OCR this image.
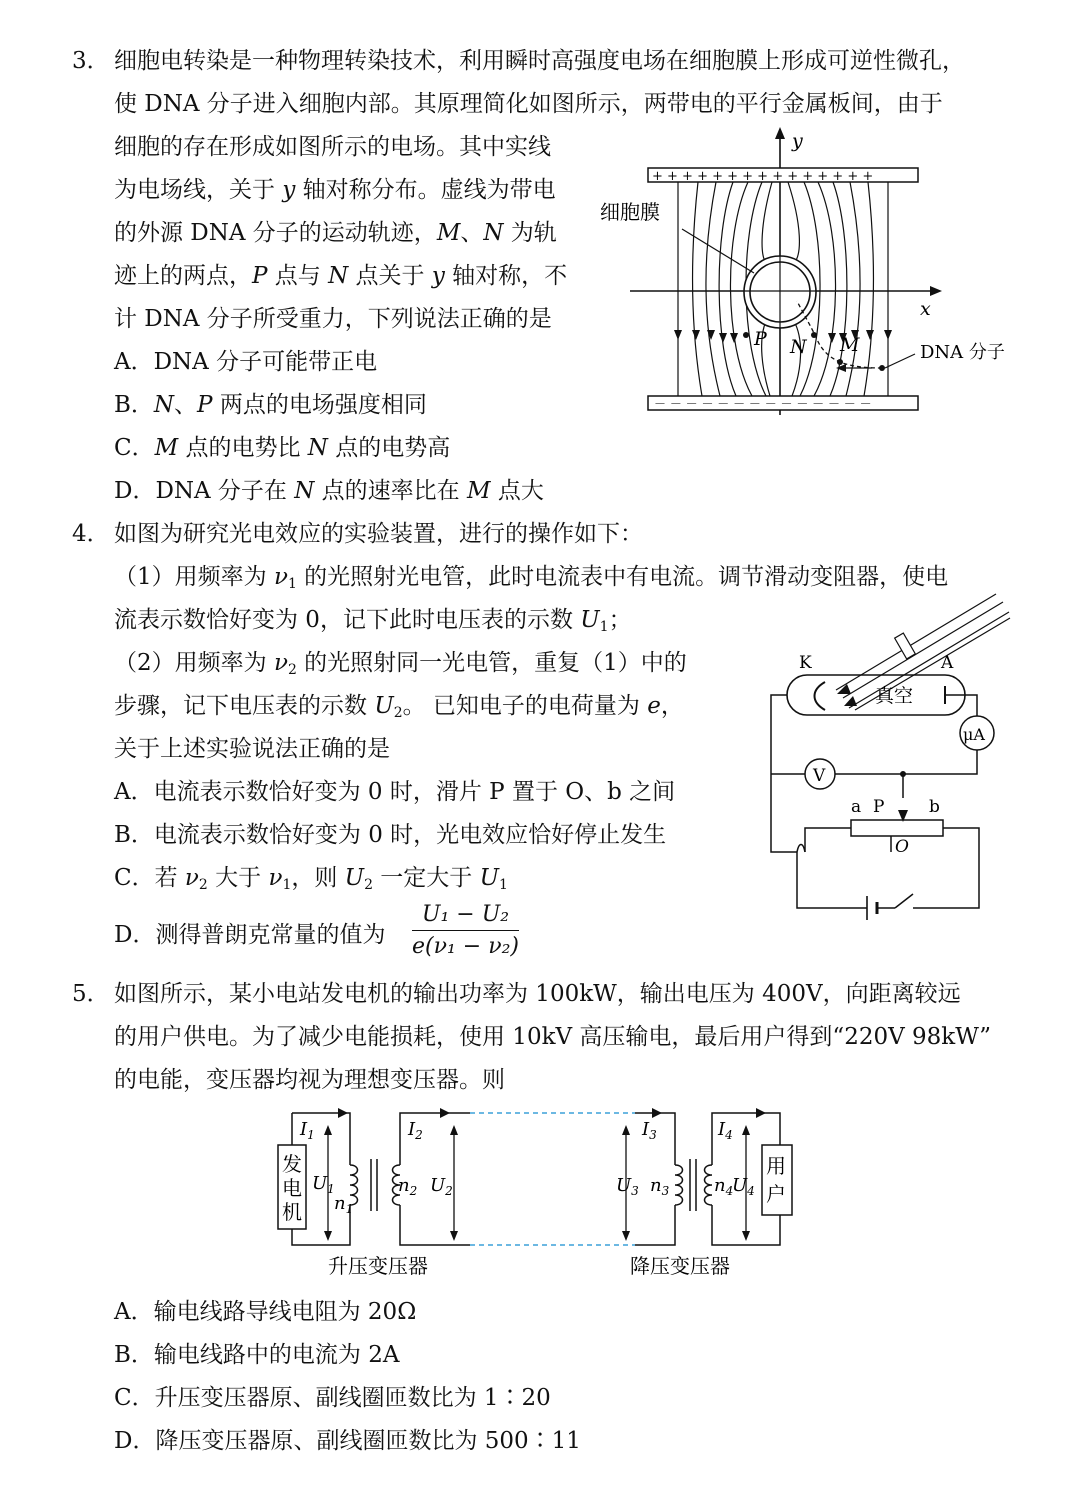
3． 细胞电转染是一种物理转染技术，利用瞬时高强度电场在细胞膜上形成可逆性微孔，
使 DNA 分子进入细胞内部。其原理简化如图所示，两带电的平行金属板间，由于
细胞的存在形成如图所示的电场。其中实线
为电场线，关于 y 轴对称分布。虚线为带电
的外源 DNA 分子的运动轨迹，M、N 为轨
迹上的两点，P 点与 N 点关于 y 轴对称，不
计 DNA 分子所受重力，下列说法正确的是
A．DNA 分子可能带正电
B．N、P 两点的电场强度相同
C．M 点的电势比 N 点的电势高
D．DNA 分子在 N 点的速率比在 M 点大
y
x
+ + + + + + + + + + + + + + +
－ － － － － － － － － － － － － －
细胞膜
P N M	DNA 分子
4． 如图为研究光电效应的实验装置，进行的操作如下：
（1）用频率为 $\nu_1$ 的光照射光电管，此时电流表中有电流。调节滑动变阻器，使电
流表示数恰好变为 0，记下此时电压表的示数 $U_1$；
（2）用频率为 $\nu_2$ 的光照射同一光电管，重复（1）中的
步骤，记下电压表的示数 $U_2$。 已知电子的电荷量为 e，
关于上述实验说法正确的是
A．电流表示数恰好变为 0 时，滑片 P 置于 O、b 之间
B．电流表示数恰好变为 0 时，光电效应恰好停止发生
C．若 $\nu_2$ 大于 $\nu_1$，则 $U_2$ 一定大于 $U_1$
D．测得普朗克常量的值为 $\frac{\text{U₁ − U₂}}{\text{e(ν₁ − ν₂)}}$
K	A
真空
μA
V
a P	b
O
5． 如图所示，某小电站发电机的输出功率为 100kW，输出电压为 400V，向距离较远
的用户供电。为了减少电能损耗，使用 10kV 高压输电，最后用户得到“220V 98kW”
的电能，变压器均视为理想变压器。则
发
电
机
用
户
$I_1$	$I_2$	$I_3$	$I_4$
$U_1$
$n_1$
$n_2$ $U_2$	$U_3$ $n_3$ $n_4$
$U_4$
升压变压器	降压变压器
A．输电线路导线电阻为 20Ω
B．输电线路中的电流为 2A
C．升压变压器原、副线圈匝数比为 1∶20
D．降压变压器原、副线圈匝数比为 500∶11
